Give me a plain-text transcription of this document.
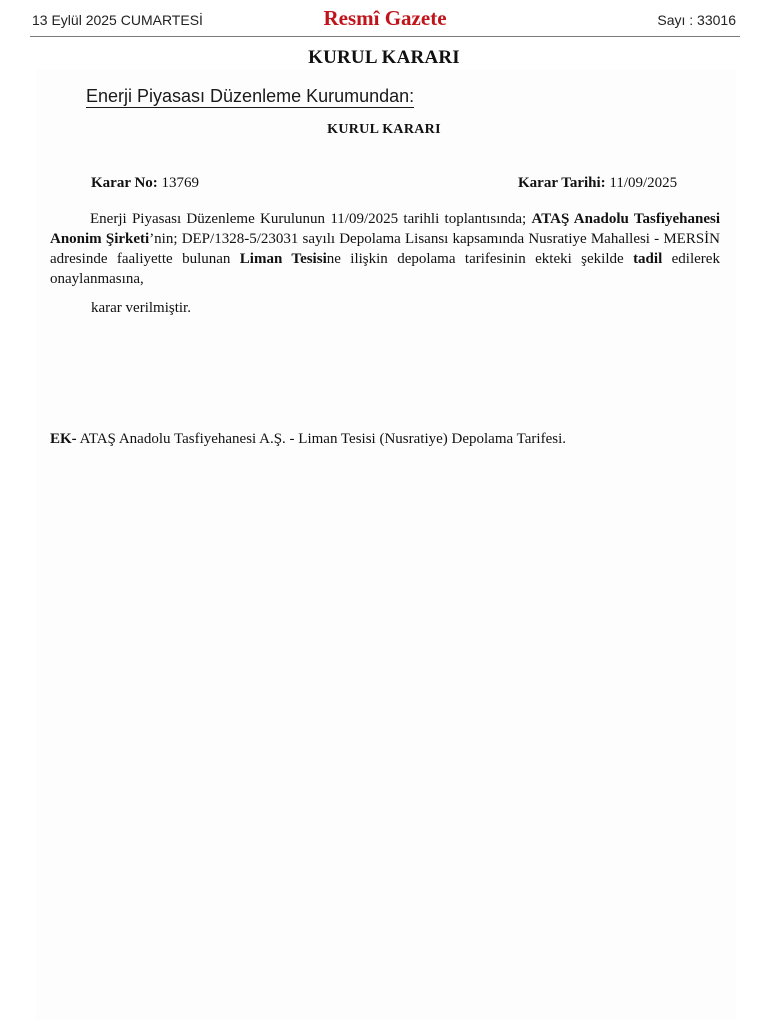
13 Eylül 2025 CUMARTESİ	Resmî Gazete	Sayı : 33016
KURUL KARARI
Enerji Piyasası Düzenleme Kurumundan:
KURUL KARARI
Karar No: 13769	Karar Tarihi: 11/09/2025
Enerji Piyasası Düzenleme Kurulunun 11/09/2025 tarihli toplantısında; ATAŞ Anadolu Tasfiyehanesi Anonim Şirketi’nin; DEP/1328-5/23031 sayılı Depolama Lisansı kapsamında Nusratiye Mahallesi - MERSİN adresinde faaliyette bulunan Liman Tesisine ilişkin depolama tarifesinin ekteki şekilde tadil edilerek onaylanmasına,
karar verilmiştir.
EK- ATAŞ Anadolu Tasfiyehanesi A.Ş. - Liman Tesisi (Nusratiye) Depolama Tarifesi.
